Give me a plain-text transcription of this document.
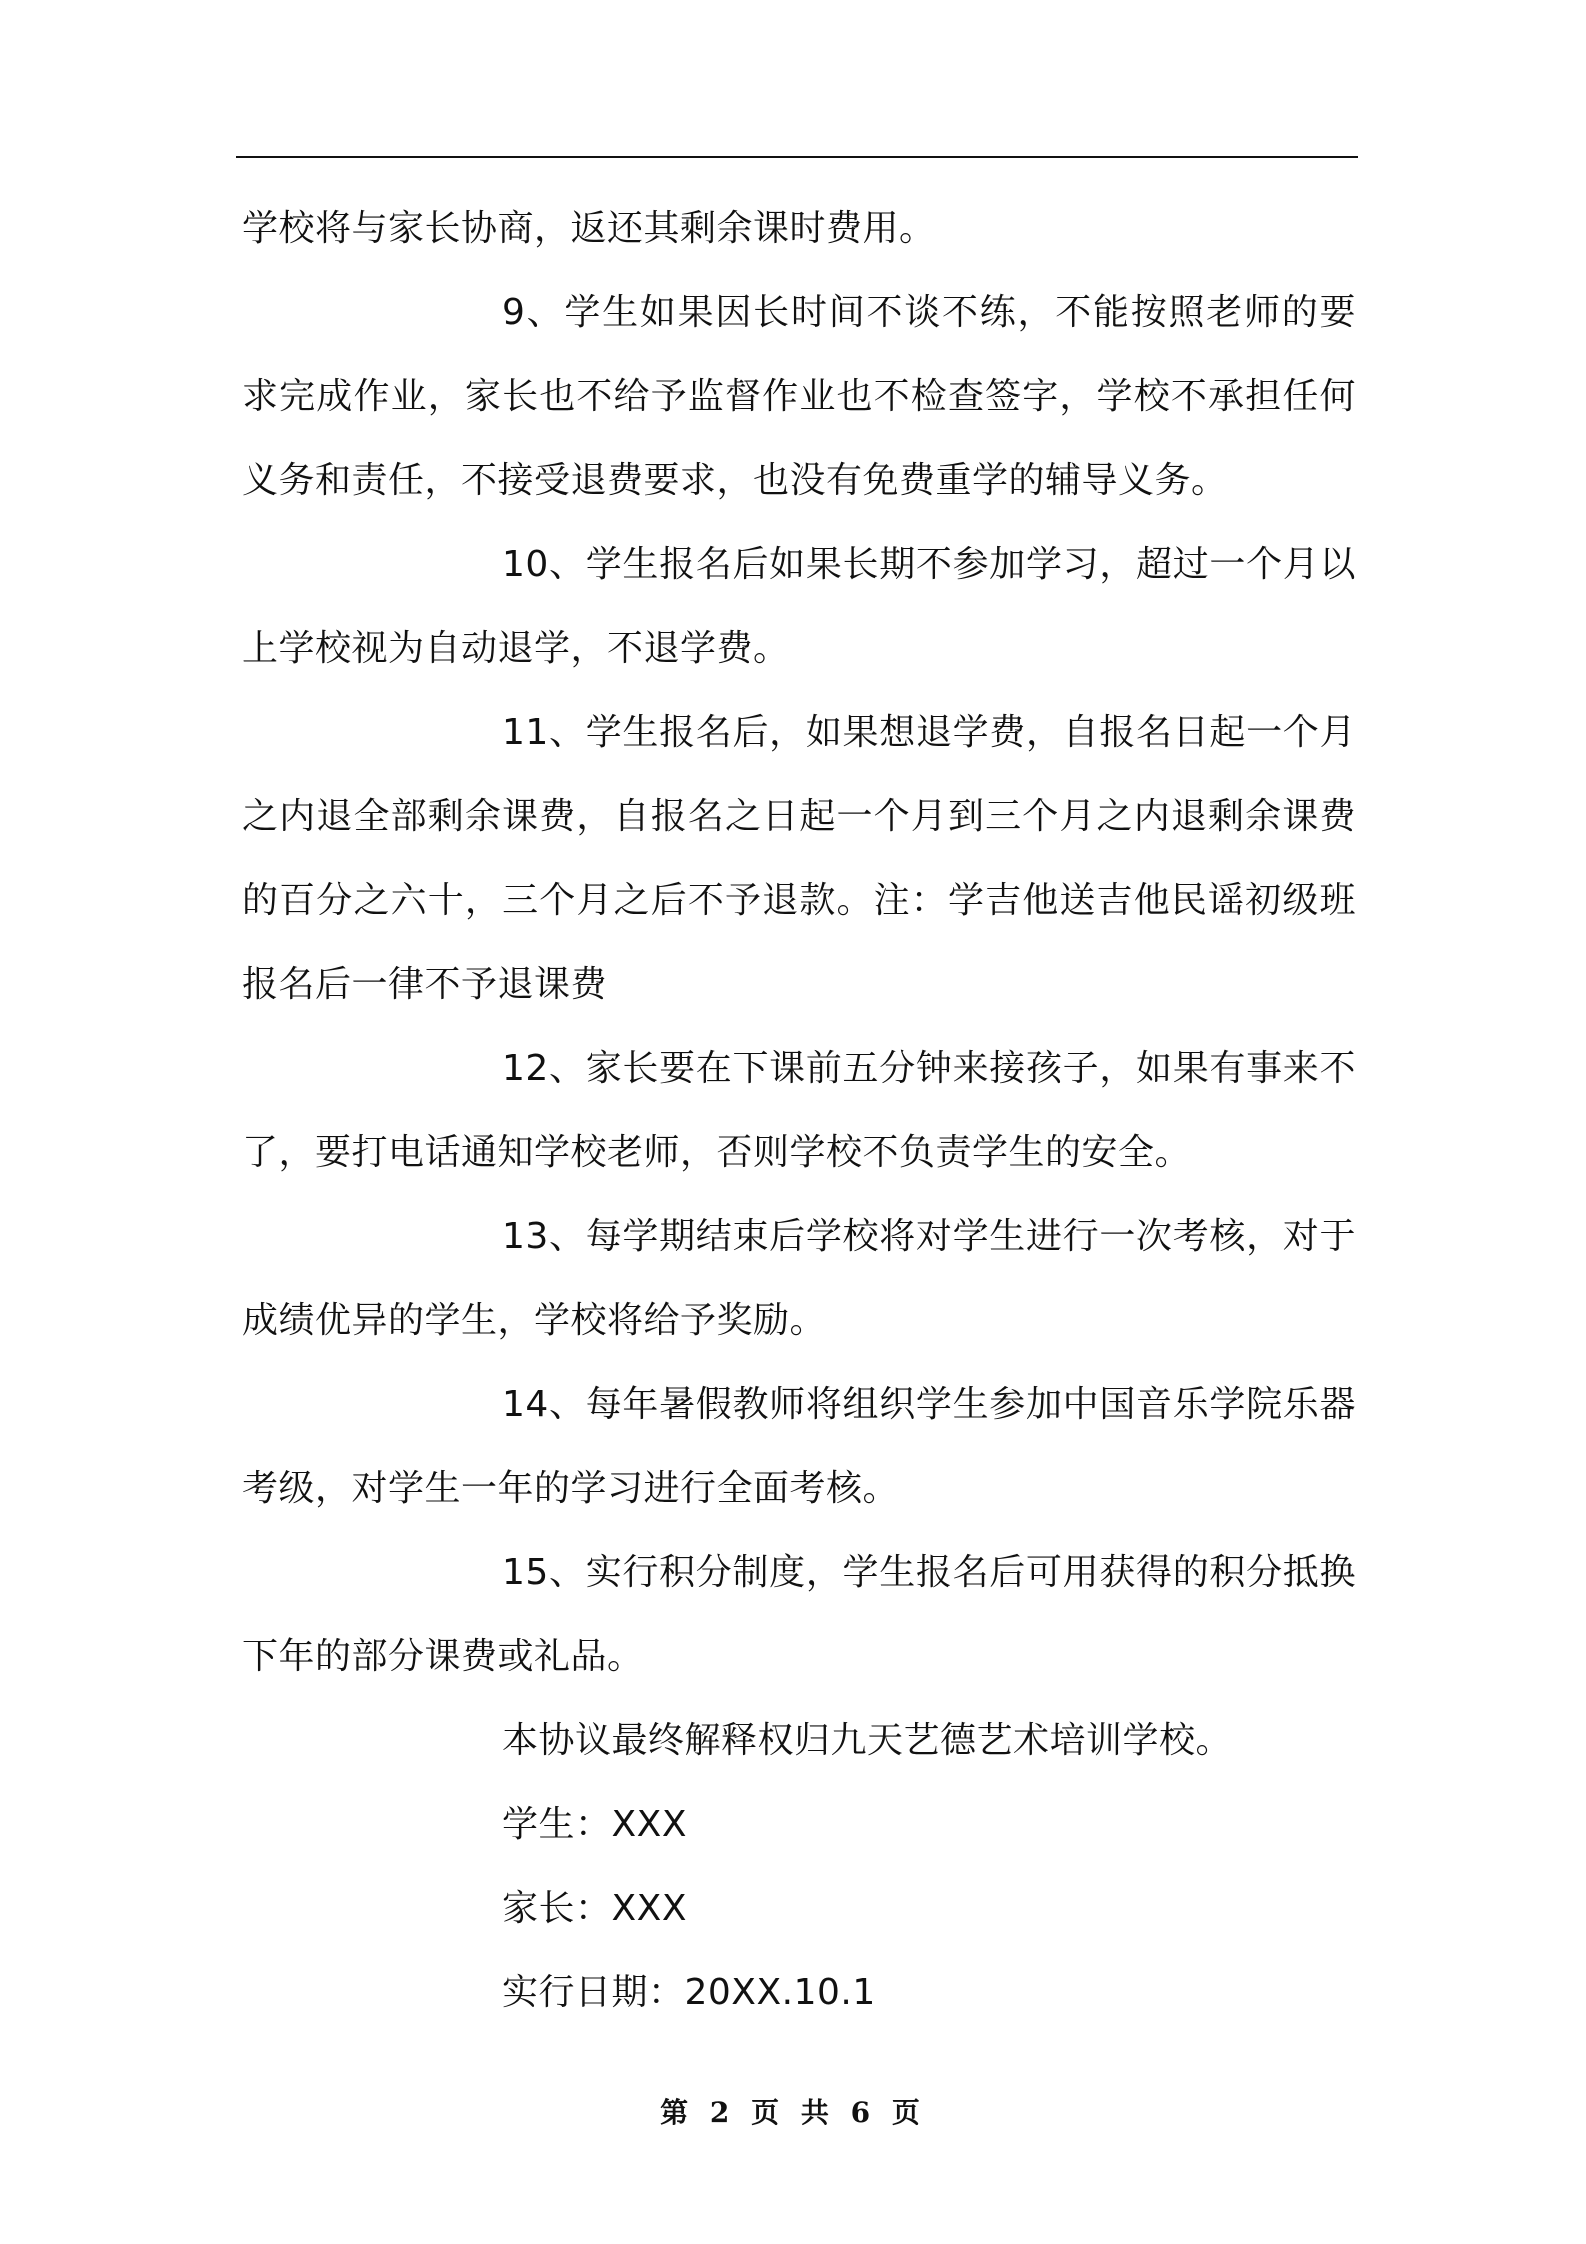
学校将与家长协商，返还其剩余课时费用。

9、学生如果因长时间不谈不练，不能按照老师的要求完成作业，家长也不给予监督作业也不检查签字，学校不承担任何义务和责任，不接受退费要求，也没有免费重学的辅导义务。

10、学生报名后如果长期不参加学习，超过一个月以上学校视为自动退学，不退学费。

11、学生报名后，如果想退学费，自报名日起一个月之内退全部剩余课费，自报名之日起一个月到三个月之内退剩余课费的百分之六十，三个月之后不予退款。注：学吉他送吉他民谣初级班报名后一律不予退课费

12、家长要在下课前五分钟来接孩子，如果有事来不了，要打电话通知学校老师，否则学校不负责学生的安全。

13、每学期结束后学校将对学生进行一次考核，对于成绩优异的学生，学校将给予奖励。

14、每年暑假教师将组织学生参加中国音乐学院乐器考级，对学生一年的学习进行全面考核。

15、实行积分制度，学生报名后可用获得的积分抵换下年的部分课费或礼品。

本协议最终解释权归九天艺德艺术培训学校。

学生：XXX

家长：XXX

实行日期：20XX.10.1

第 2 页 共 6 页
